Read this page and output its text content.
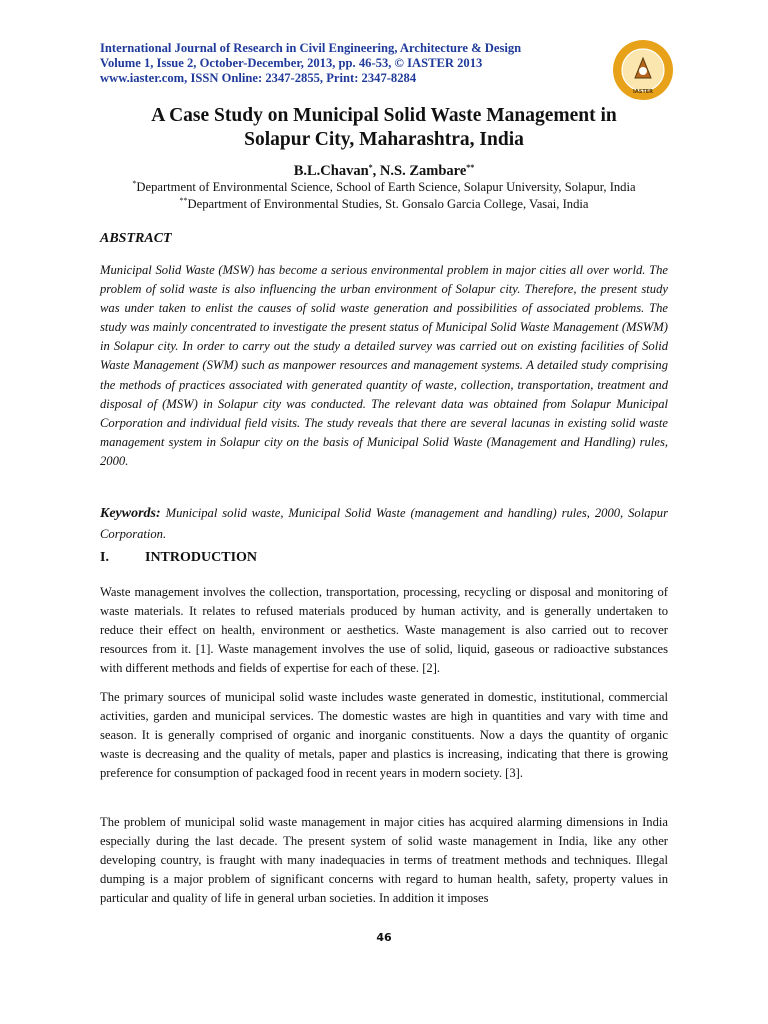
International Journal of Research in Civil Engineering, Architecture & Design
Volume 1, Issue 2, October-December, 2013, pp. 46-53, © IASTER 2013
www.iaster.com, ISSN Online: 2347-2855, Print: 2347-8284
IASTER
A Case Study on Municipal Solid Waste Management in
Solapur City, Maharashtra, India
B.L.Chavan*, N.S. Zambare**
*Department of Environmental Science, School of Earth Science, Solapur University, Solapur, India
**Department of Environmental Studies, St. Gonsalo Garcia College, Vasai, India
ABSTRACT
Municipal Solid Waste (MSW) has become a serious environmental problem in major cities all over world. The problem of solid waste is also influencing the urban environment of Solapur city. Therefore, the present study was under taken to enlist the causes of solid waste generation and possibilities of associated problems. The study was mainly concentrated to investigate the present status of Municipal Solid Waste Management (MSWM) in Solapur city. In order to carry out the study a detailed survey was carried out on existing facilities of Solid Waste Management (SWM) such as manpower resources and management systems. A detailed study comprising the methods of practices associated with generated quantity of waste, collection, transportation, treatment and disposal of (MSW) in Solapur city was conducted. The relevant data was obtained from Solapur Municipal Corporation and individual field visits. The study reveals that there are several lacunas in existing solid waste management system in Solapur city on the basis of Municipal Solid Waste (Management and Handling) rules, 2000.
Keywords: Municipal solid waste, Municipal Solid Waste (management and handling) rules, 2000, Solapur Corporation.
I.	INTRODUCTION
Waste management involves the collection, transportation, processing, recycling or disposal and monitoring of waste materials. It relates to refused materials produced by human activity, and is generally undertaken to reduce their effect on health, environment or aesthetics. Waste management is also carried out to recover resources from it. [1]. Waste management involves the use of solid, liquid, gaseous or radioactive substances with different methods and fields of expertise for each of these. [2].
The primary sources of municipal solid waste includes waste generated in domestic, institutional, commercial activities, garden and municipal services. The domestic wastes are high in quantities and vary with time and season. It is generally comprised of organic and inorganic constituents. Now a days the quantity of organic waste is decreasing and the quality of metals, paper and plastics is increasing, indicating that there is growing preference for consumption of packaged food in recent years in modern society. [3].
The problem of municipal solid waste management in major cities has acquired alarming dimensions in India especially during the last decade. The present system of solid waste management in India, like any other developing country, is fraught with many inadequacies in terms of treatment methods and techniques. Illegal dumping is a major problem of significant concerns with regard to human health, safety, property values in particular and quality of life in general urban societies. In addition it imposes
46
